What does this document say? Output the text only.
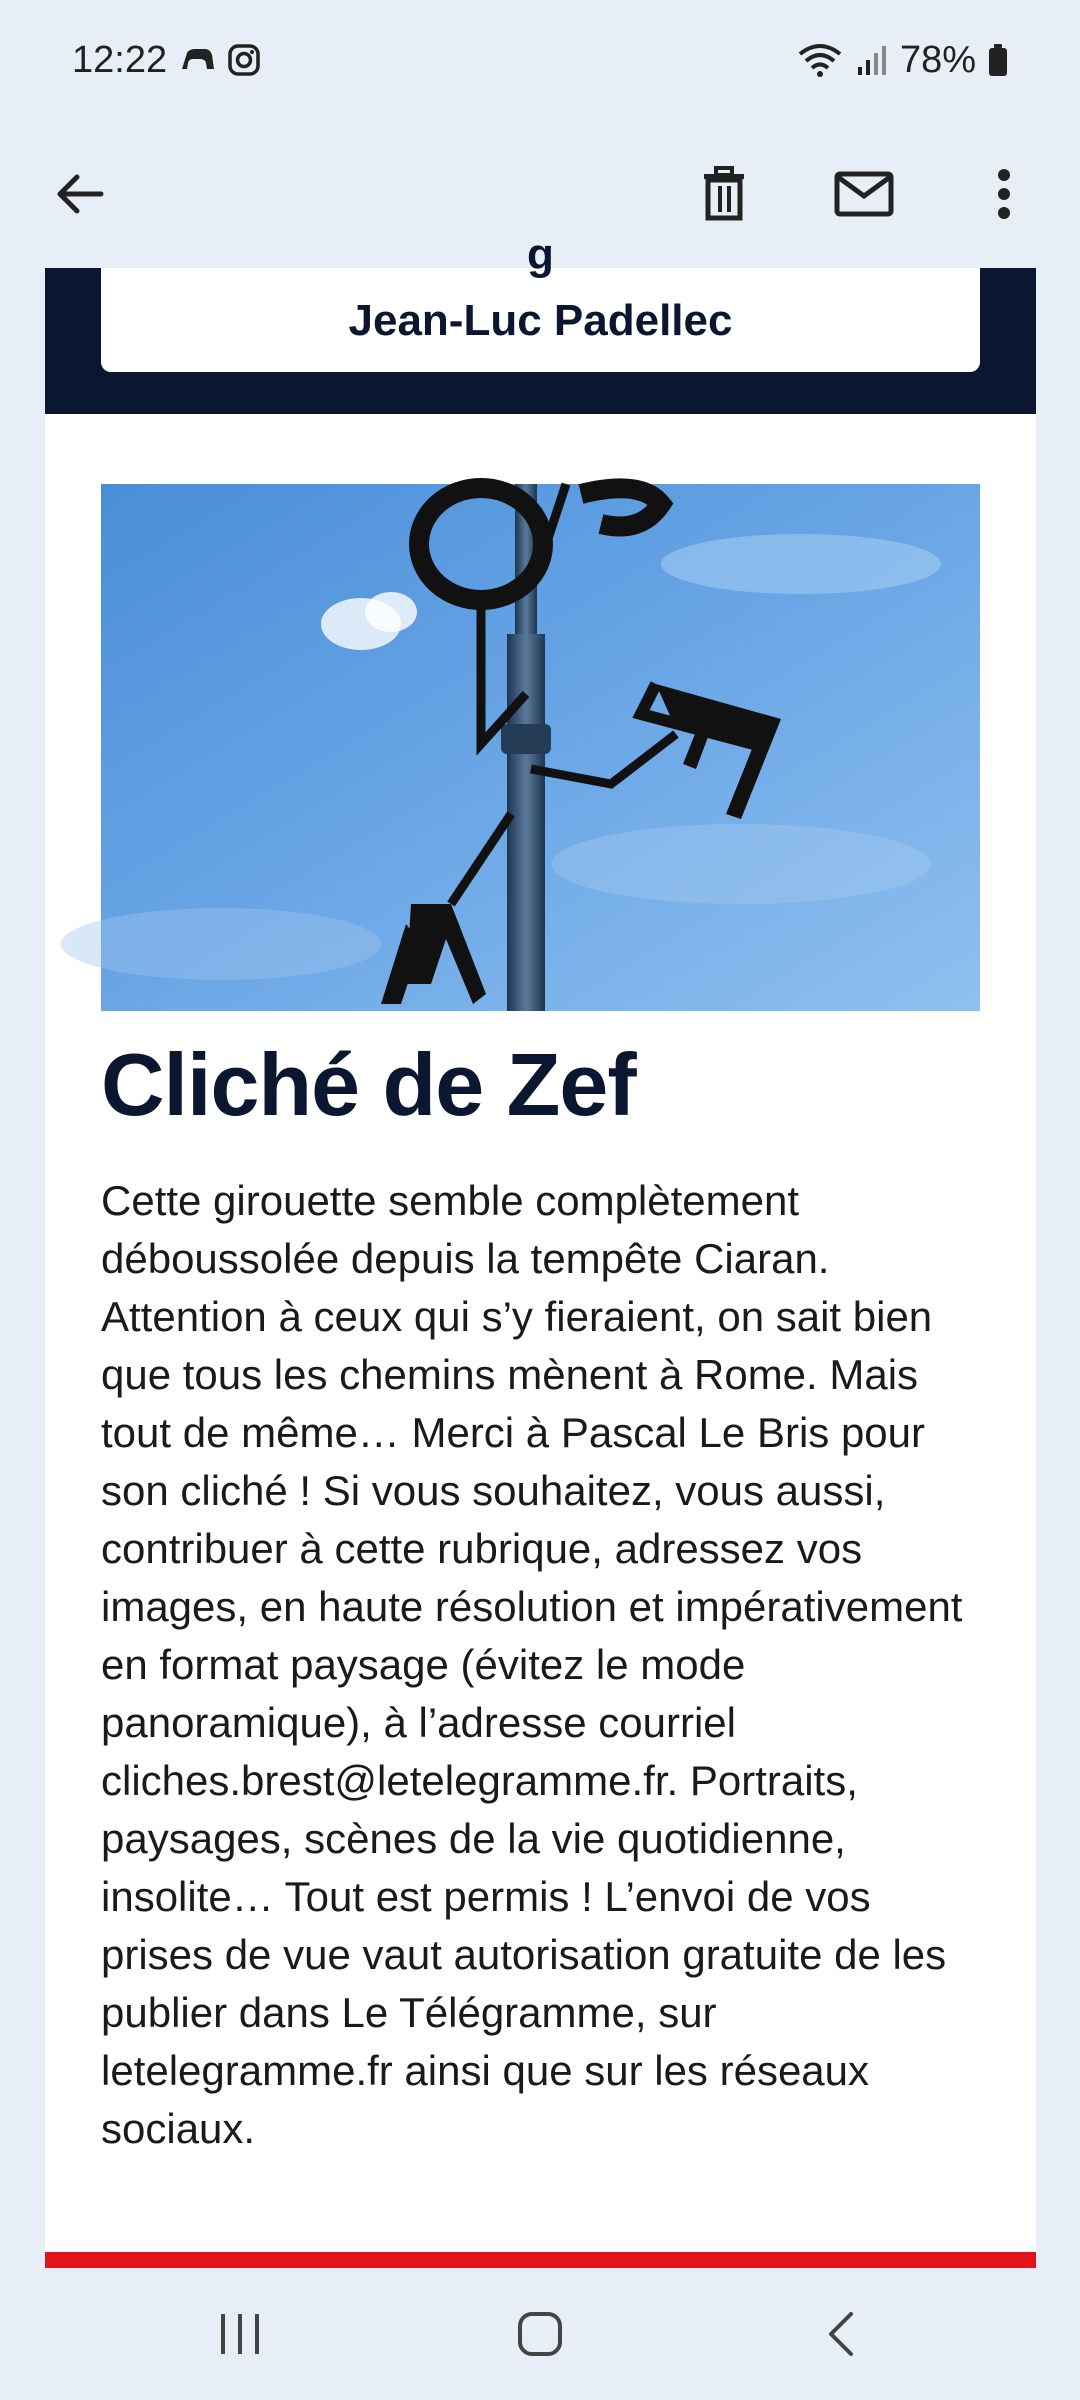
12:22	78%
g
Jean-Luc Padellec
Cliché de Zef
Cette girouette semble complètement déboussolée depuis la tempête Ciaran. Attention à ceux qui s’y fieraient, on sait bien que tous les chemins mènent à Rome. Mais tout de même… Merci à Pascal Le Bris pour son cliché ! Si vous souhaitez, vous aussi, contribuer à cette rubrique, adressez vos images, en haute résolution et impérativement en format paysage (évitez le mode panoramique), à l’adresse courriel cliches.brest@letelegramme.fr. Portraits, paysages, scènes de la vie quotidienne, insolite… Tout est permis ! L’envoi de vos prises de vue vaut autorisation gratuite de les publier dans Le Télégramme, sur letelegramme.fr ainsi que sur les réseaux sociaux.
